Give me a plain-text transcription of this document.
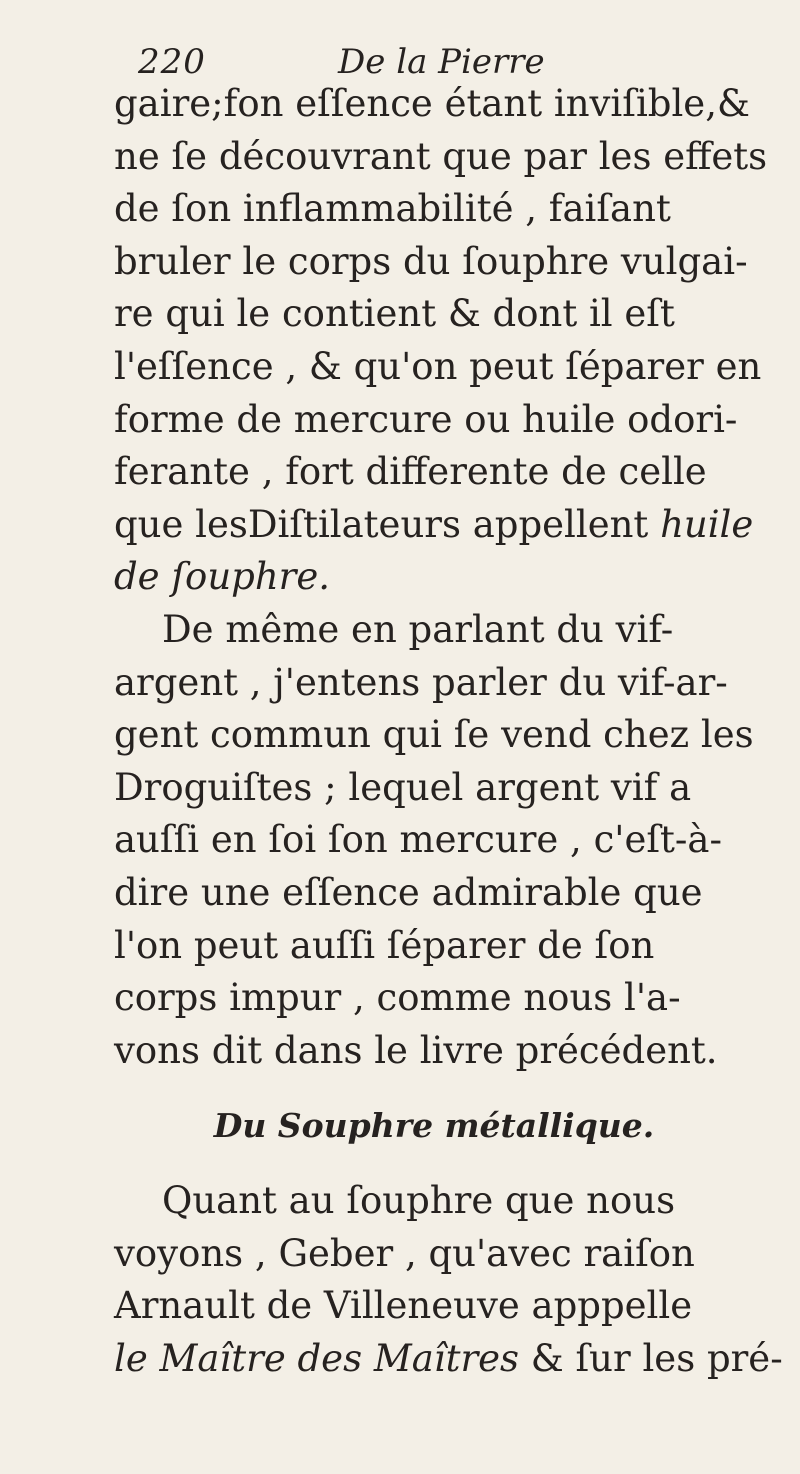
220	De la Pierre
gaire;fon eſſence étant inviſible,&
ne ſe découvrant que par les effets
de ſon inflammabilité , faiſant
bruler le corps du ſouphre vulgai-
re qui le contient & dont il eſt
l'eſſence , & qu'on peut ſéparer en
forme de mercure ou huile odori-
ferante , fort differente de celle
que lesDiſtilateurs appellent huile
de ſouphre.
De même en parlant du vif-
argent , j'entens parler du vif-ar-
gent commun qui ſe vend chez les
Droguiſtes ; lequel argent vif a
auſſi en ſoi ſon mercure , c'eſt-à-
dire une eſſence admirable que
l'on peut auſſi ſéparer de ſon
corps impur , comme nous l'a-
vons dit dans le livre précédent.
Du Souphre métallique.
Quant au ſouphre que nous
voyons , Geber , qu'avec raiſon
Arnault de Villeneuve apppelle
le Maître des Maîtres & ſur les pré-
